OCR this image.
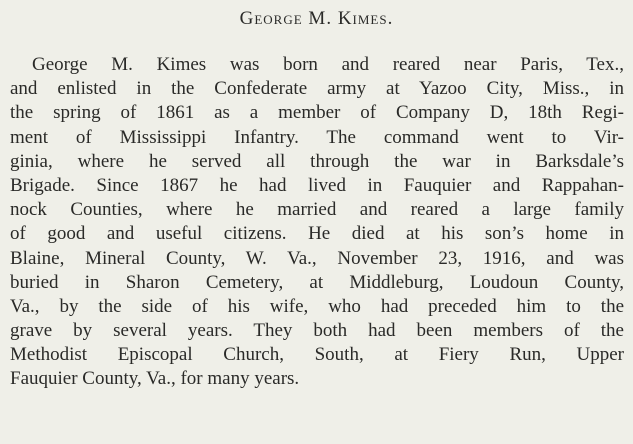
George M. Kimes.
George M. Kimes was born and reared near Paris, Tex.,
and enlisted in the Confederate army at Yazoo City, Miss., in
the spring of 1861 as a member of Company D, 18th Regi-
ment of Mississippi Infantry. The command went to Vir-
ginia, where he served all through the war in Barksdale’s
Brigade. Since 1867 he had lived in Fauquier and Rappahan-
nock Counties, where he married and reared a large family
of good and useful citizens. He died at his son’s home in
Blaine, Mineral County, W. Va., November 23, 1916, and was
buried in Sharon Cemetery, at Middleburg, Loudoun County,
Va., by the side of his wife, who had preceded him to the
grave by several years. They both had been members of the
Methodist Episcopal Church, South, at Fiery Run, Upper
Fauquier County, Va., for many years.
